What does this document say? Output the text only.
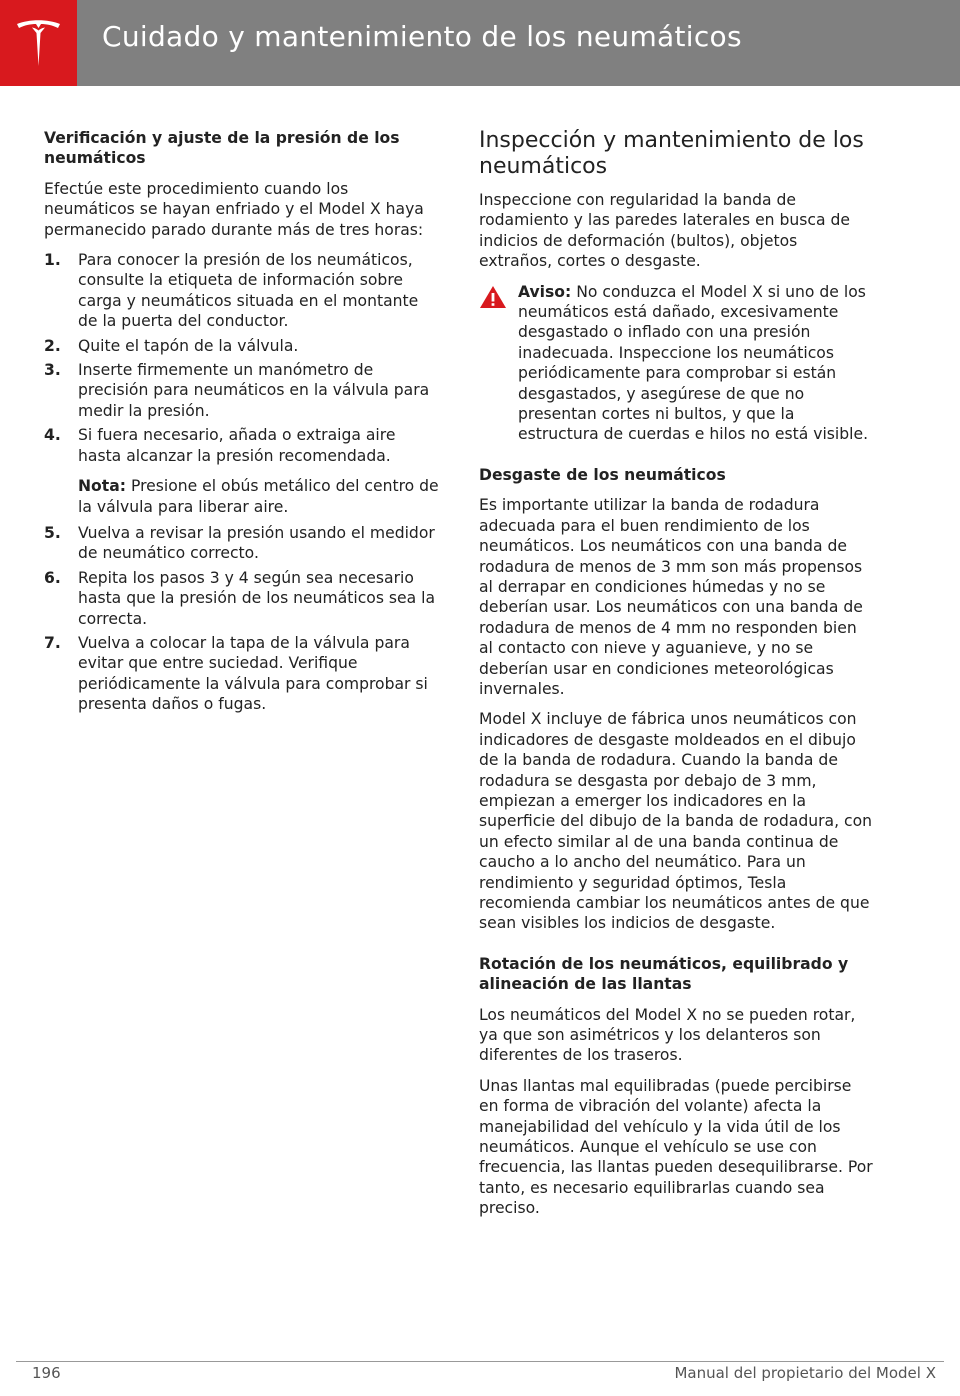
Cuidado y mantenimiento de los neumáticos
Verificación y ajuste de la presión de los neumáticos

Efectúe este procedimiento cuando los neumáticos se hayan enfriado y el Model X haya permanecido parado durante más de tres horas:

1. Para conocer la presión de los neumáticos, consulte la etiqueta de información sobre carga y neumáticos situada en el montante de la puerta del conductor.
2. Quite el tapón de la válvula.
3. Inserte firmemente un manómetro de precisión para neumáticos en la válvula para medir la presión.
4. Si fuera necesario, añada o extraiga aire hasta alcanzar la presión recomendada.
Nota: Presione el obús metálico del centro de la válvula para liberar aire.
5. Vuelva a revisar la presión usando el medidor de neumático correcto.
6. Repita los pasos 3 y 4 según sea necesario hasta que la presión de los neumáticos sea la correcta.
7. Vuelva a colocar la tapa de la válvula para evitar que entre suciedad. Verifique periódicamente la válvula para comprobar si presenta daños o fugas.
Inspección y mantenimiento de los neumáticos

Inspeccione con regularidad la banda de rodamiento y las paredes laterales en busca de indicios de deformación (bultos), objetos extraños, cortes o desgaste.

Aviso: No conduzca el Model X si uno de los neumáticos está dañado, excesivamente desgastado o inflado con una presión inadecuada. Inspeccione los neumáticos periódicamente para comprobar si están desgastados, y asegúrese de que no presentan cortes ni bultos, y que la estructura de cuerdas e hilos no está visible.
Desgaste de los neumáticos

Es importante utilizar la banda de rodadura adecuada para el buen rendimiento de los neumáticos. Los neumáticos con una banda de rodadura de menos de 3 mm son más propensos al derrapar en condiciones húmedas y no se deberían usar. Los neumáticos con una banda de rodadura de menos de 4 mm no responden bien al contacto con nieve y aguanieve, y no se deberían usar en condiciones meteorológicas invernales.

Model X incluye de fábrica unos neumáticos con indicadores de desgaste moldeados en el dibujo de la banda de rodadura. Cuando la banda de rodadura se desgasta por debajo de 3 mm, empiezan a emerger los indicadores en la superficie del dibujo de la banda de rodadura, con un efecto similar al de una banda continua de caucho a lo ancho del neumático. Para un rendimiento y seguridad óptimos, Tesla recomienda cambiar los neumáticos antes de que sean visibles los indicios de desgaste.

Rotación de los neumáticos, equilibrado y alineación de las llantas

Los neumáticos del Model X no se pueden rotar, ya que son asimétricos y los delanteros son diferentes de los traseros.

Unas llantas mal equilibradas (puede percibirse en forma de vibración del volante) afecta la manejabilidad del vehículo y la vida útil de los neumáticos. Aunque el vehículo se use con frecuencia, las llantas pueden desequilibrarse. Por tanto, es necesario equilibrarlas cuando sea preciso.

196	Manual del propietario del Model X
